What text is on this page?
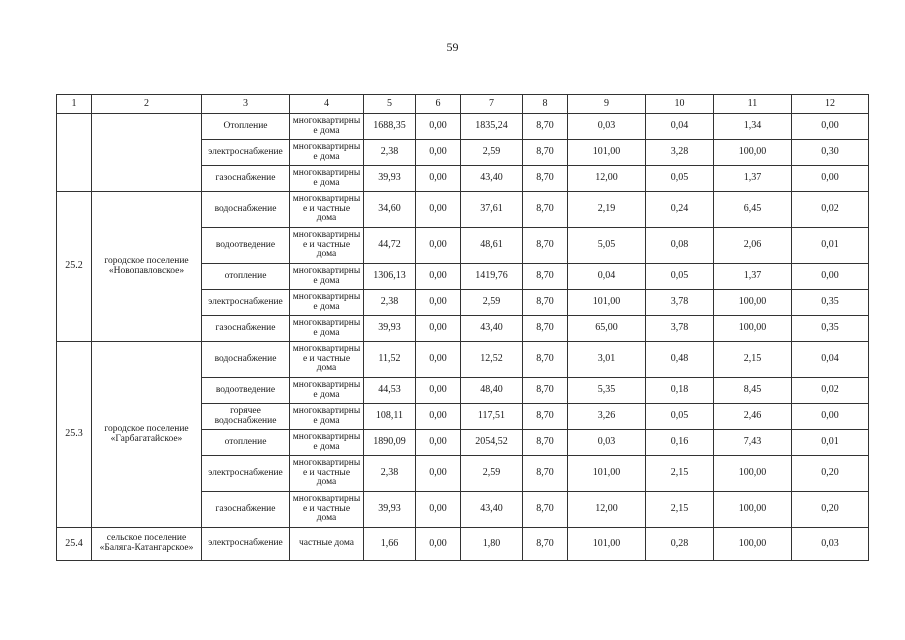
59
1	2	3	4	5	6	7	8	9	10	11	12
		Отопление	многоквартирные дома	1688,35	0,00	1835,24	8,70	0,03	0,04	1,34	0,00
		электроснабжение	многоквартирные дома	2,38	0,00	2,59	8,70	101,00	3,28	100,00	0,30
		газоснабжение	многоквартирные дома	39,93	0,00	43,40	8,70	12,00	0,05	1,37	0,00
25.2	городское поселение «Новопавловское»	водоснабжение	многоквартирные и частные дома	34,60	0,00	37,61	8,70	2,19	0,24	6,45	0,02
		водоотведение	многоквартирные и частные дома	44,72	0,00	48,61	8,70	5,05	0,08	2,06	0,01
		отопление	многоквартирные дома	1306,13	0,00	1419,76	8,70	0,04	0,05	1,37	0,00
		электроснабжение	многоквартирные дома	2,38	0,00	2,59	8,70	101,00	3,78	100,00	0,35
		газоснабжение	многоквартирные дома	39,93	0,00	43,40	8,70	65,00	3,78	100,00	0,35
25.3	городское поселение «Гарбагатайское»	водоснабжение	многоквартирные и частные дома	11,52	0,00	12,52	8,70	3,01	0,48	2,15	0,04
		водоотведение	многоквартирные дома	44,53	0,00	48,40	8,70	5,35	0,18	8,45	0,02
		горячее водоснабжение	многоквартирные дома	108,11	0,00	117,51	8,70	3,26	0,05	2,46	0,00
		отопление	многоквартирные дома	1890,09	0,00	2054,52	8,70	0,03	0,16	7,43	0,01
		электроснабжение	многоквартирные и частные дома	2,38	0,00	2,59	8,70	101,00	2,15	100,00	0,20
		газоснабжение	многоквартирные и частные дома	39,93	0,00	43,40	8,70	12,00	2,15	100,00	0,20
25.4	сельское поселение «Баляга-Катангарское»	электроснабжение	частные дома	1,66	0,00	1,80	8,70	101,00	0,28	100,00	0,03
